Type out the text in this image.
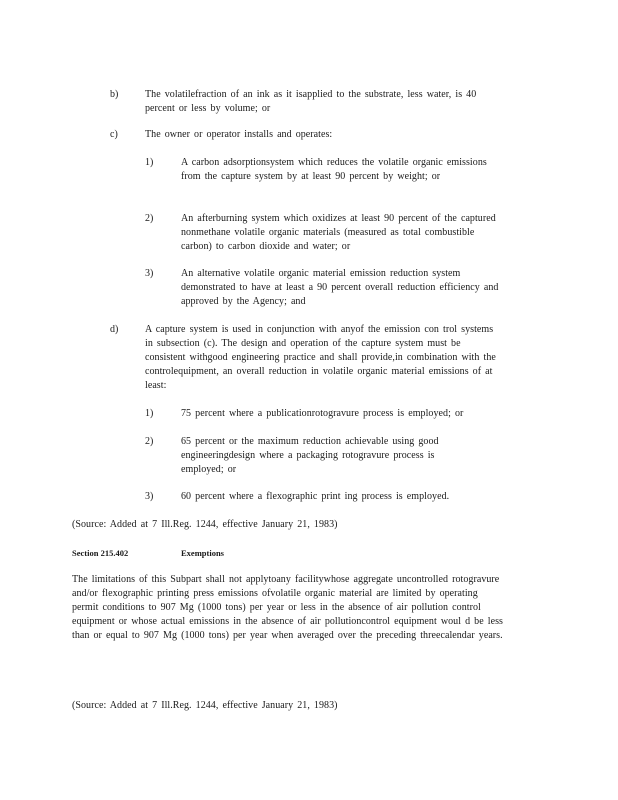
b)	The volatilefraction of an ink as it isapplied to the substrate, less water, is 40 percent or less by volume; or
c)	The owner or operator installs and operates:
1)	A carbon adsorptionsystem which reduces the volatile organic emissions from the capture system by at least 90 percent by weight; or
2)	An afterburning system which oxidizes at least 90 percent of the captured nonmethane volatile organic materials (measured as total combustible carbon) to carbon dioxide and water; or
3)	An alternative volatile organic material emission reduction system demonstrated to have at least a 90 percent overall reduction efficiency and approved by the Agency; and
d)	A capture system is used in conjunction with anyof the emission con trol systems in subsection (c). The design and operation of the capture system must be consistent withgood engineering practice and shall provide,in combination with the controlequipment, an overall reduction in volatile organic material emissions of at least:
1)	75 percent where a publicationrotogravure process is employed; or
2)	65 percent or the maximum reduction achievable using good engineeringdesign where a packaging rotogravure process is employed; or
3)	60 percent where a flexographic print ing process is employed.
(Source: Added at 7 Ill.Reg. 1244, effective January 21, 1983)
Section 215.402	Exemptions
The limitations of this Subpart shall not applytoany facilitywhose aggregate uncontrolled rotogravure and/or flexographic printing press emissions ofvolatile organic material are limited by operating permit conditions to 907 Mg (1000 tons) per year or less in the absence of air pollution control equipment or whose actual emissions in the absence of air pollutioncontrol equipment woul d be less than or equal to 907 Mg (1000 tons) per year when averaged over the preceding threecalendar years.
(Source: Added at 7 Ill.Reg. 1244, effective January 21, 1983)
